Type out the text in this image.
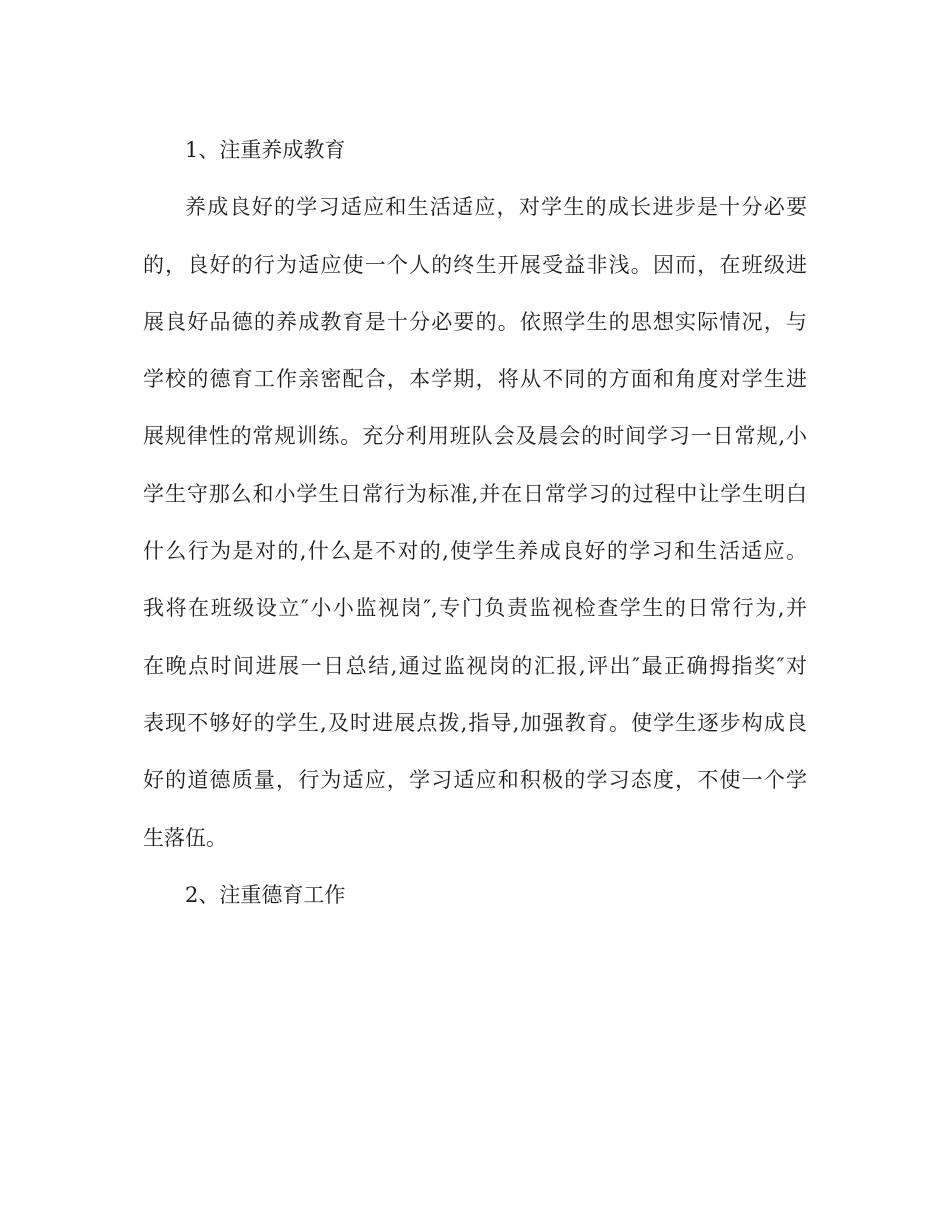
1、注重养成教育

养成良好的学习适应和生活适应，对学生的成长进步是十分必要

的，良好的行为适应使一个人的终生开展受益非浅。因而，在班级进

展良好品德的养成教育是十分必要的。依照学生的思想实际情况，与

学校的德育工作亲密配合，本学期，将从不同的方面和角度对学生进

展规律性的常规训练。充分利用班队会及晨会的时间学习一日常规,小

学生守那么和小学生日常行为标准,并在日常学习的过程中让学生明白

什么行为是对的,什么是不对的,使学生养成良好的学习和生活适应。

我将在班级设立″小小监视岗″,专门负责监视检查学生的日常行为,并

在晚点时间进展一日总结,通过监视岗的汇报,评出″最正确拇指奖″对

表现不够好的学生,及时进展点拨,指导,加强教育。使学生逐步构成良

好的道德质量，行为适应，学习适应和积极的学习态度，不使一个学

生落伍。

2、注重德育工作
